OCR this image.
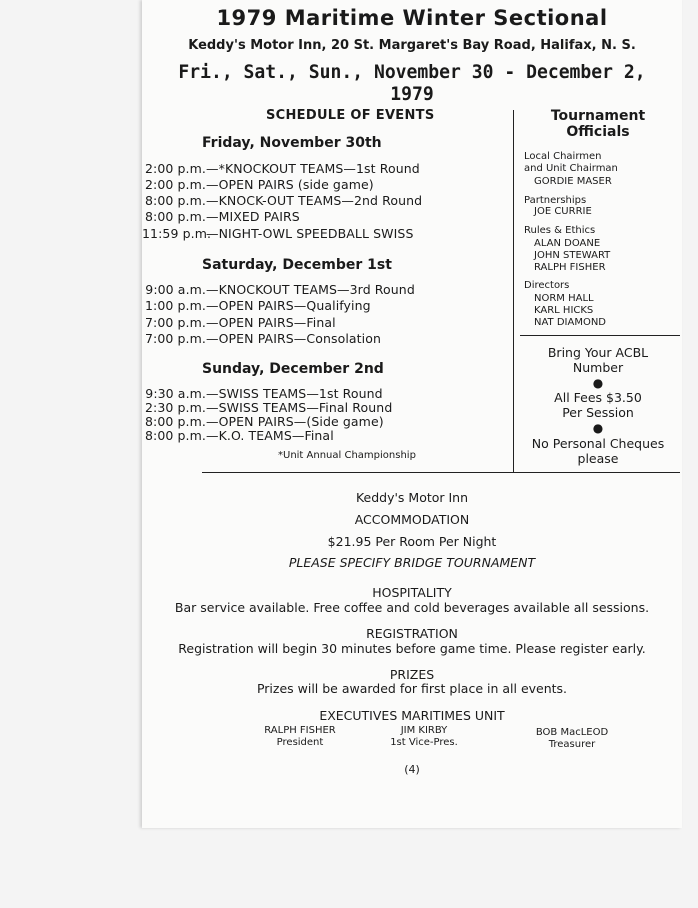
1979 Maritime Winter Sectional
Keddy's Motor Inn, 20 St. Margaret's Bay Road, Halifax, N. S.
Fri., Sat., Sun., November 30 - December 2, 1979
SCHEDULE OF EVENTS
Friday, November 30th
2:00 p.m.—*KNOCKOUT TEAMS—1st Round
2:00 p.m.—OPEN PAIRS (side game)
8:00 p.m.—KNOCK-OUT TEAMS—2nd Round
8:00 p.m.—MIXED PAIRS
11:59 p.m.—NIGHT-OWL SPEEDBALL SWISS
Saturday, December 1st
9:00 a.m.—KNOCKOUT TEAMS—3rd Round
1:00 p.m.—OPEN PAIRS—Qualifying
7:00 p.m.—OPEN PAIRS—Final
7:00 p.m.—OPEN PAIRS—Consolation
Sunday, December 2nd
9:30 a.m.—SWISS TEAMS—1st Round
2:30 p.m.—SWISS TEAMS—Final Round
8:00 p.m.—OPEN PAIRS—(Side game)
8:00 p.m.—K.O. TEAMS—Final
*Unit Annual Championship
Tournament
Officials
Local Chairmen
and Unit Chairman
GORDIE MASER
Partnerships
JOE CURRIE
Rules & Ethics
ALAN DOANE
JOHN STEWART
RALPH FISHER
Directors
NORM HALL
KARL HICKS
NAT DIAMOND
Bring Your ACBL
Number
●
All Fees $3.50
Per Session
●
No Personal Cheques
please
Keddy's Motor Inn
ACCOMMODATION
$21.95 Per Room Per Night
PLEASE SPECIFY BRIDGE TOURNAMENT
HOSPITALITY
Bar service available. Free coffee and cold beverages available all sessions.
REGISTRATION
Registration will begin 30 minutes before game time. Please register early.
PRIZES
Prizes will be awarded for first place in all events.
EXECUTIVES MARITIMES UNIT
RALPH FISHER
President
JIM KIRBY
1st Vice-Pres.
BOB MacLEOD
Treasurer
(4)
